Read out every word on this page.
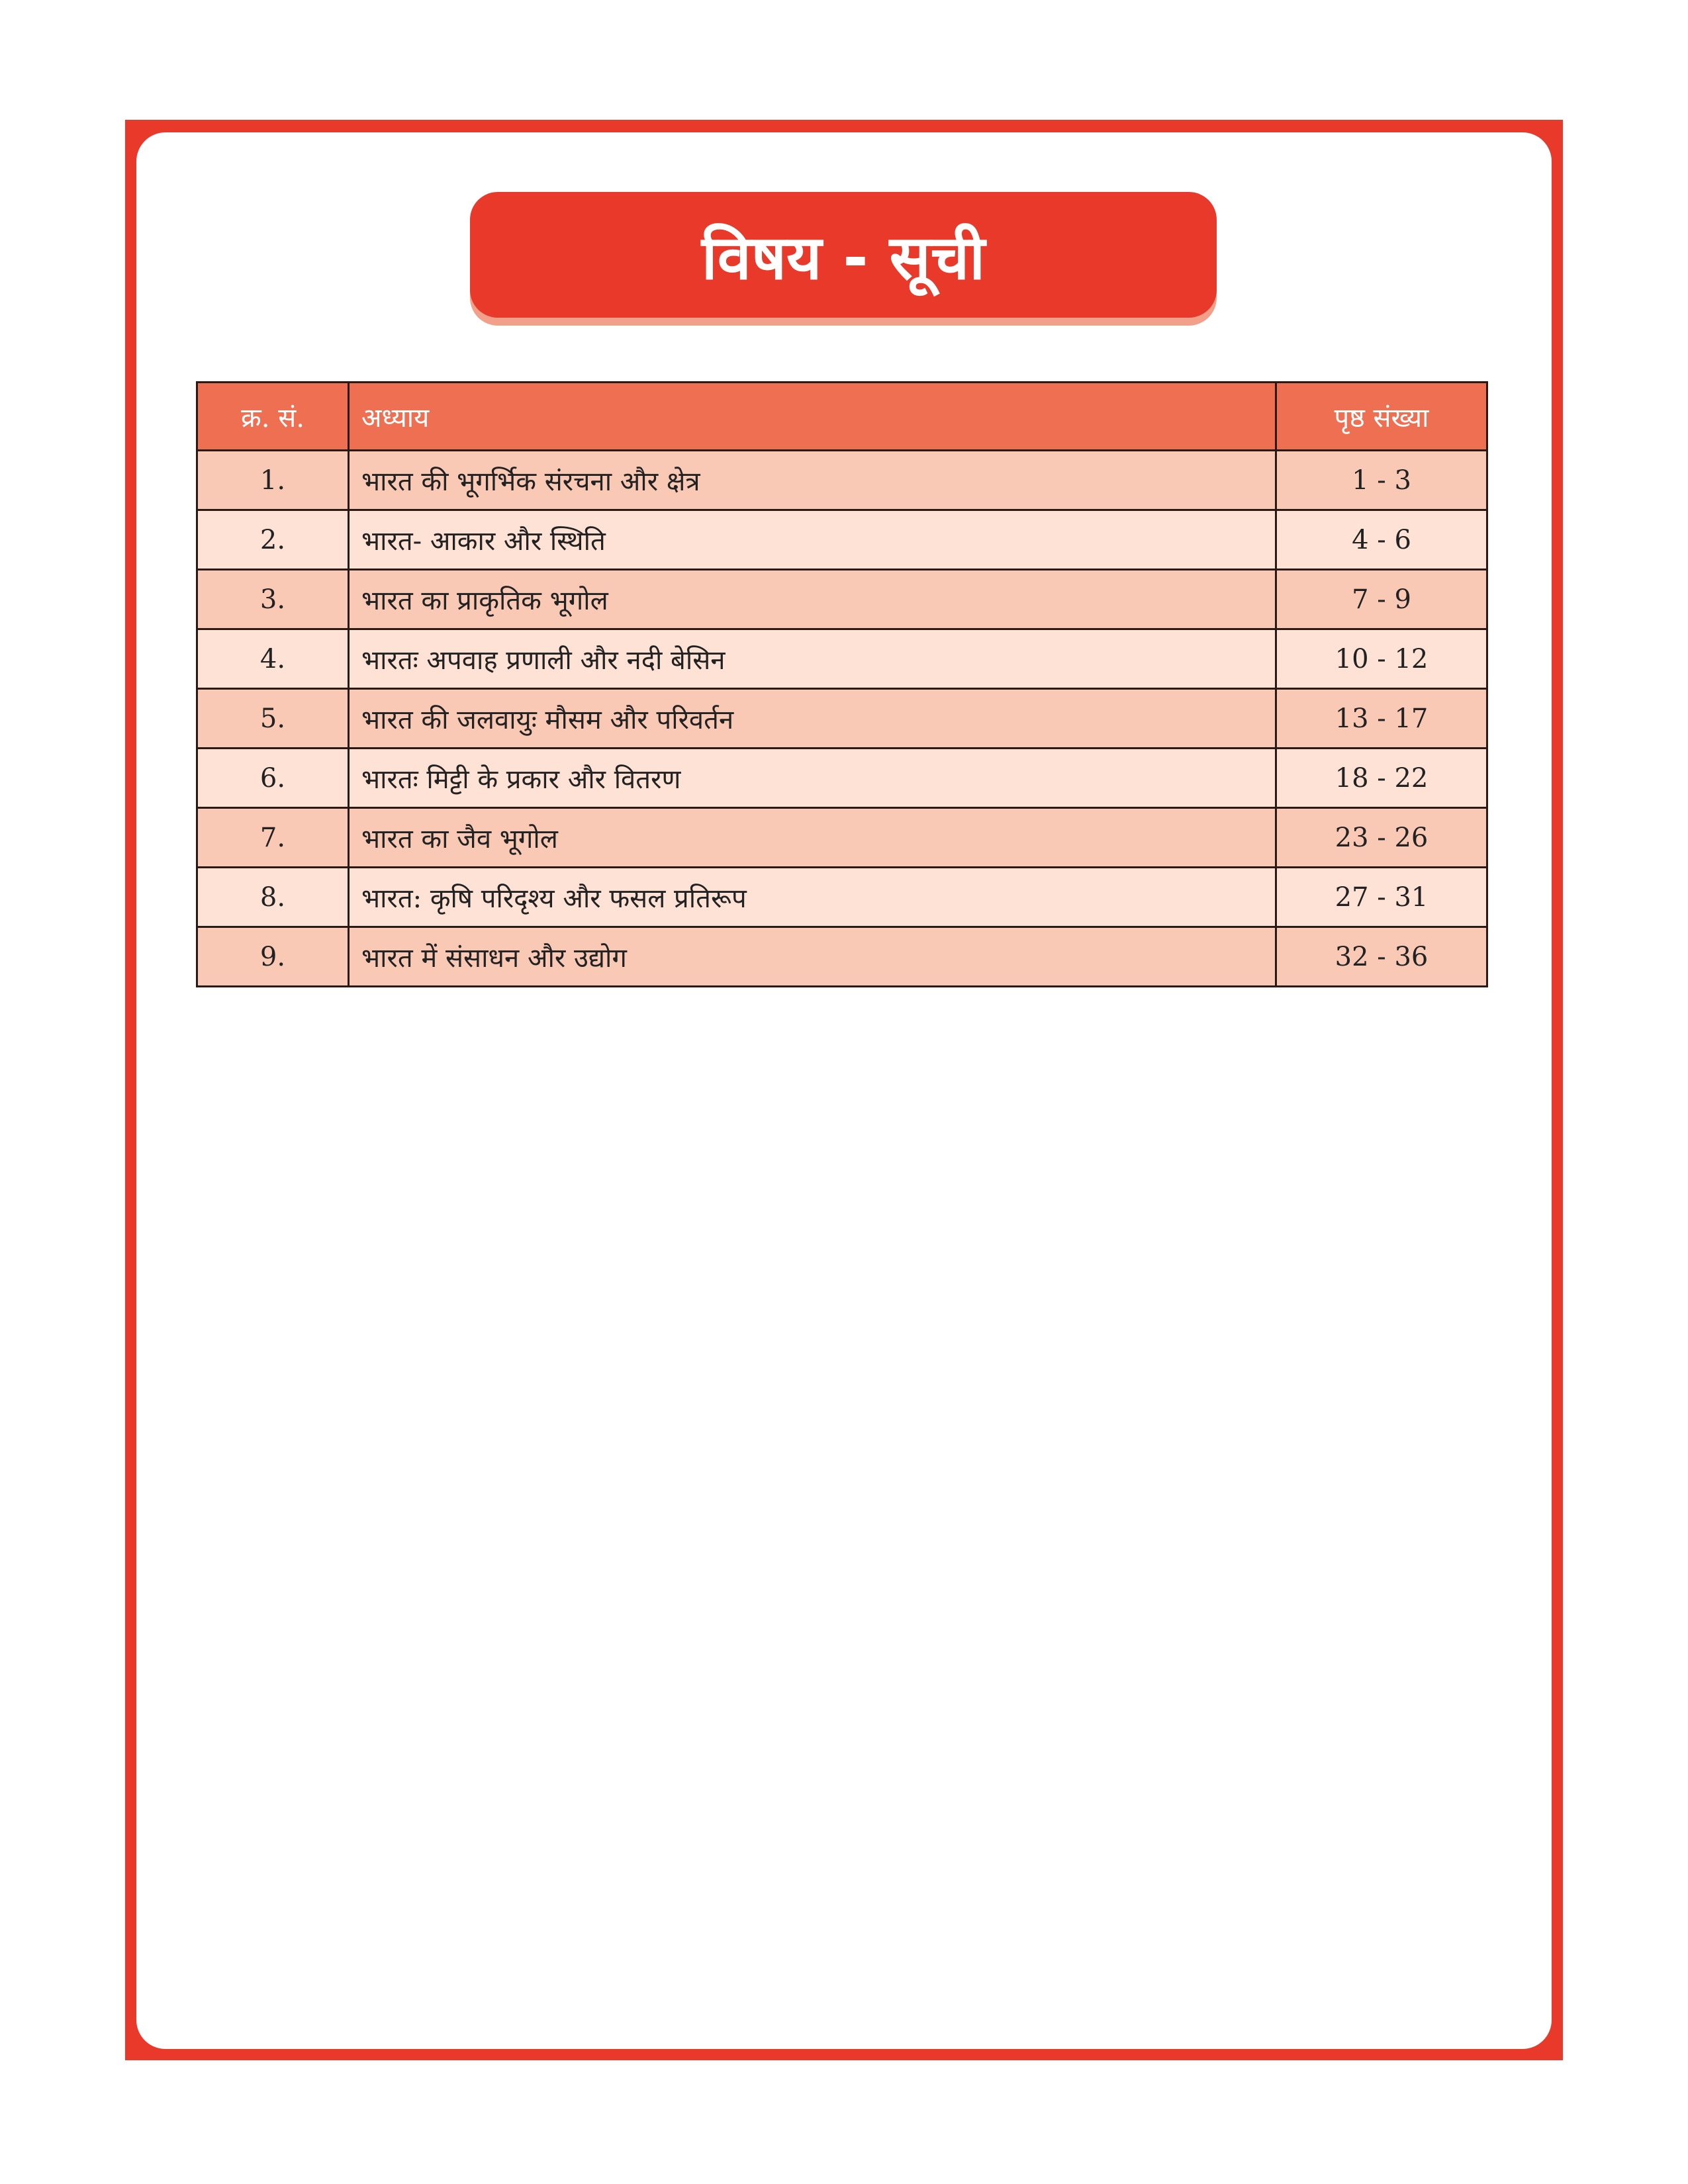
विषय - सूची
क्र. सं.	अध्याय	पृष्ठ संख्या
1.	भारत की भूगर्भिक संरचना और क्षेत्र	1 - 3
2.	भारत- आकार और स्थिति	4 - 6
3.	भारत का प्राकृतिक भूगोल	7 - 9
4.	भारतः अपवाह प्रणाली और नदी बेसिन	10 - 12
5.	भारत की जलवायुः मौसम और परिवर्तन	13 - 17
6.	भारतः मिट्टी के प्रकार और वितरण	18 - 22
7.	भारत का जैव भूगोल	23 - 26
8.	भारत: कृषि परिदृश्य और फसल प्रतिरूप	27 - 31
9.	भारत में संसाधन और उद्योग	32 - 36
